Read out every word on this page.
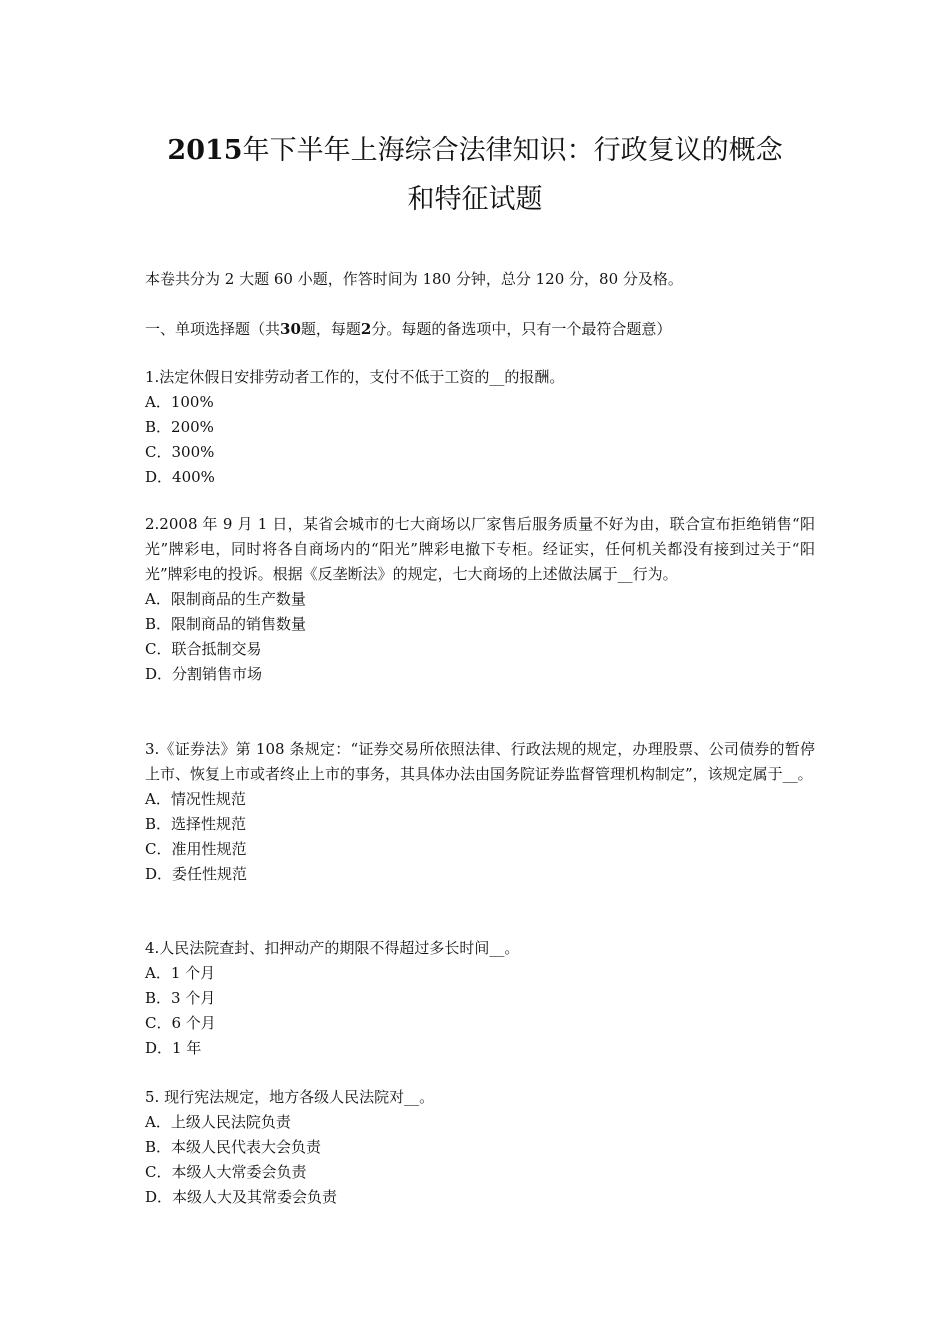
2015年下半年上海综合法律知识：行政复议的概念
和特征试题
本卷共分为 2 大题 60 小题，作答时间为 180 分钟，总分 120 分，80 分及格。
一、单项选择题（共30题，每题2分。每题的备选项中，只有一个最符合题意）

1.法定休假日安排劳动者工作的，支付不低于工资的__的报酬。

A．100%

B．200%

C．300%

D．400%

2.2008 年 9 月 1 日，某省会城市的七大商场以厂家售后服务质量不好为由，联合宣布拒绝销售“阳光”牌彩电，同时将各自商场内的“阳光”牌彩电撤下专柜。经证实，任何机关都没有接到过关于“阳光”牌彩电的投诉。根据《反垄断法》的规定，七大商场的上述做法属于__行为。

A．限制商品的生产数量

B．限制商品的销售数量

C．联合抵制交易

D．分割销售市场

3.《证券法》第 108 条规定：“证券交易所依照法律、行政法规的规定，办理股票、公司债券的暂停上市、恢复上市或者终止上市的事务，其具体办法由国务院证券监督管理机构制定”，该规定属于__。

A．情况性规范

B．选择性规范

C．准用性规范

D．委任性规范

4.人民法院查封、扣押动产的期限不得超过多长时间__。

A．1 个月

B．3 个月

C．6 个月

D．1 年

5. 现行宪法规定，地方各级人民法院对__。

A．上级人民法院负责

B．本级人民代表大会负责

C．本级人大常委会负责

D．本级人大及其常委会负责
